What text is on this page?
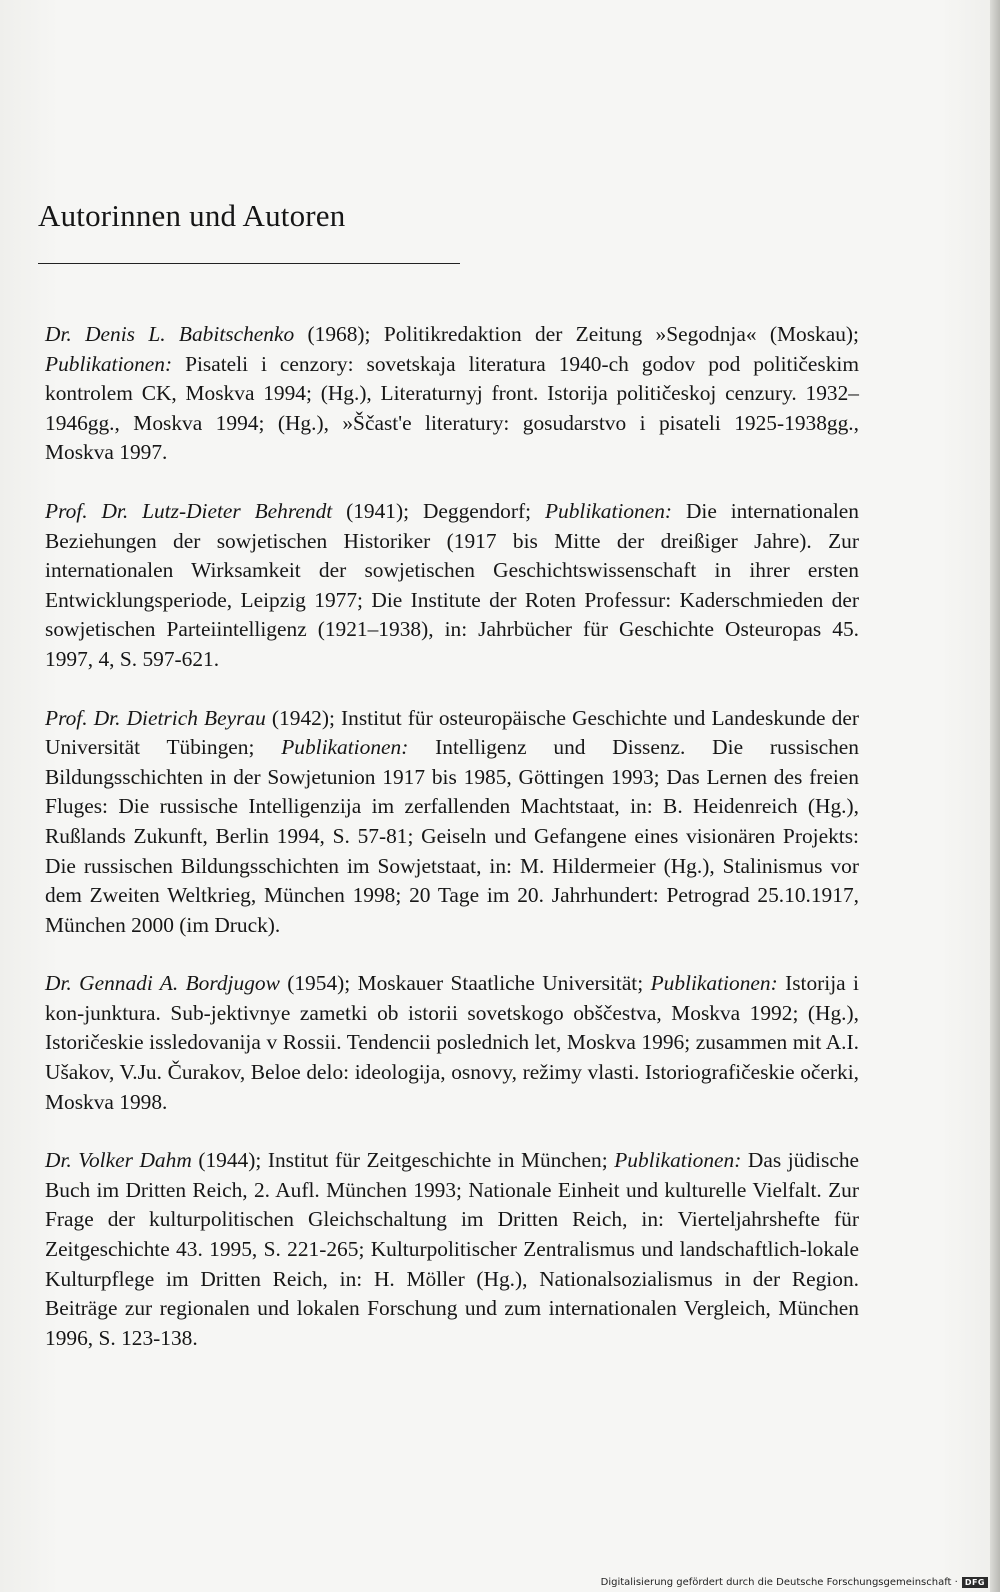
Autorinnen und Autoren

Dr. Denis L. Babitschenko (1968); Politikredaktion der Zeitung »Segodnja« (Moskau); Publikationen: Pisateli i cenzory: sovetskaja literatura 1940-ch godov pod političeskim kontrolem CK, Moskva 1994; (Hg.), Literaturnyj front. Istorija političeskoj cenzury. 1932–1946gg., Moskva 1994; (Hg.), »Ščast'e literatury: gosudarstvo i pisateli 1925-1938gg., Moskva 1997.

Prof. Dr. Lutz-Dieter Behrendt (1941); Deggendorf; Publikationen: Die internationalen Beziehungen der sowjetischen Historiker (1917 bis Mitte der dreißiger Jahre). Zur internationalen Wirksamkeit der sowjetischen Geschichtswissenschaft in ihrer ersten Entwicklungsperiode, Leipzig 1977; Die Institute der Roten Professur: Kaderschmieden der sowjetischen Parteiintelligenz (1921–1938), in: Jahrbücher für Geschichte Osteuropas 45. 1997, 4, S. 597-621.

Prof. Dr. Dietrich Beyrau (1942); Institut für osteuropäische Geschichte und Landeskunde der Universität Tübingen; Publikationen: Intelligenz und Dissenz. Die russischen Bildungsschichten in der Sowjetunion 1917 bis 1985, Göttingen 1993; Das Lernen des freien Fluges: Die russische Intelligenzija im zerfallenden Machtstaat, in: B. Heidenreich (Hg.), Rußlands Zukunft, Berlin 1994, S. 57-81; Geiseln und Gefangene eines visionären Projekts: Die russischen Bildungsschichten im Sowjetstaat, in: M. Hildermeier (Hg.), Stalinismus vor dem Zweiten Weltkrieg, München 1998; 20 Tage im 20. Jahrhundert: Petrograd 25.10.1917, München 2000 (im Druck).

Dr. Gennadi A. Bordjugow (1954); Moskauer Staatliche Universität; Publikationen: Istorija i kon-junktura. Sub-jektivnye zametki ob istorii sovetskogo obščestva, Moskva 1992; (Hg.), Istoričeskie issledovanija v Rossii. Tendencii poslednich let, Moskva 1996; zusammen mit A.I. Ušakov, V.Ju. Čurakov, Beloe delo: ideologija, osnovy, režimy vlasti. Istoriografičeskie očerki, Moskva 1998.

Dr. Volker Dahm (1944); Institut für Zeitgeschichte in München; Publikationen: Das jüdische Buch im Dritten Reich, 2. Aufl. München 1993; Nationale Einheit und kulturelle Vielfalt. Zur Frage der kulturpolitischen Gleichschaltung im Dritten Reich, in: Vierteljahrshefte für Zeitgeschichte 43. 1995, S. 221-265; Kulturpolitischer Zentralismus und landschaftlich-lokale Kulturpflege im Dritten Reich, in: H. Möller (Hg.), Nationalsozialismus in der Region. Beiträge zur regionalen und lokalen Forschung und zum internationalen Vergleich, München 1996, S. 123-138.

Digitalisierung gefördert durch die Deutsche Forschungsgemeinschaft · DFG
